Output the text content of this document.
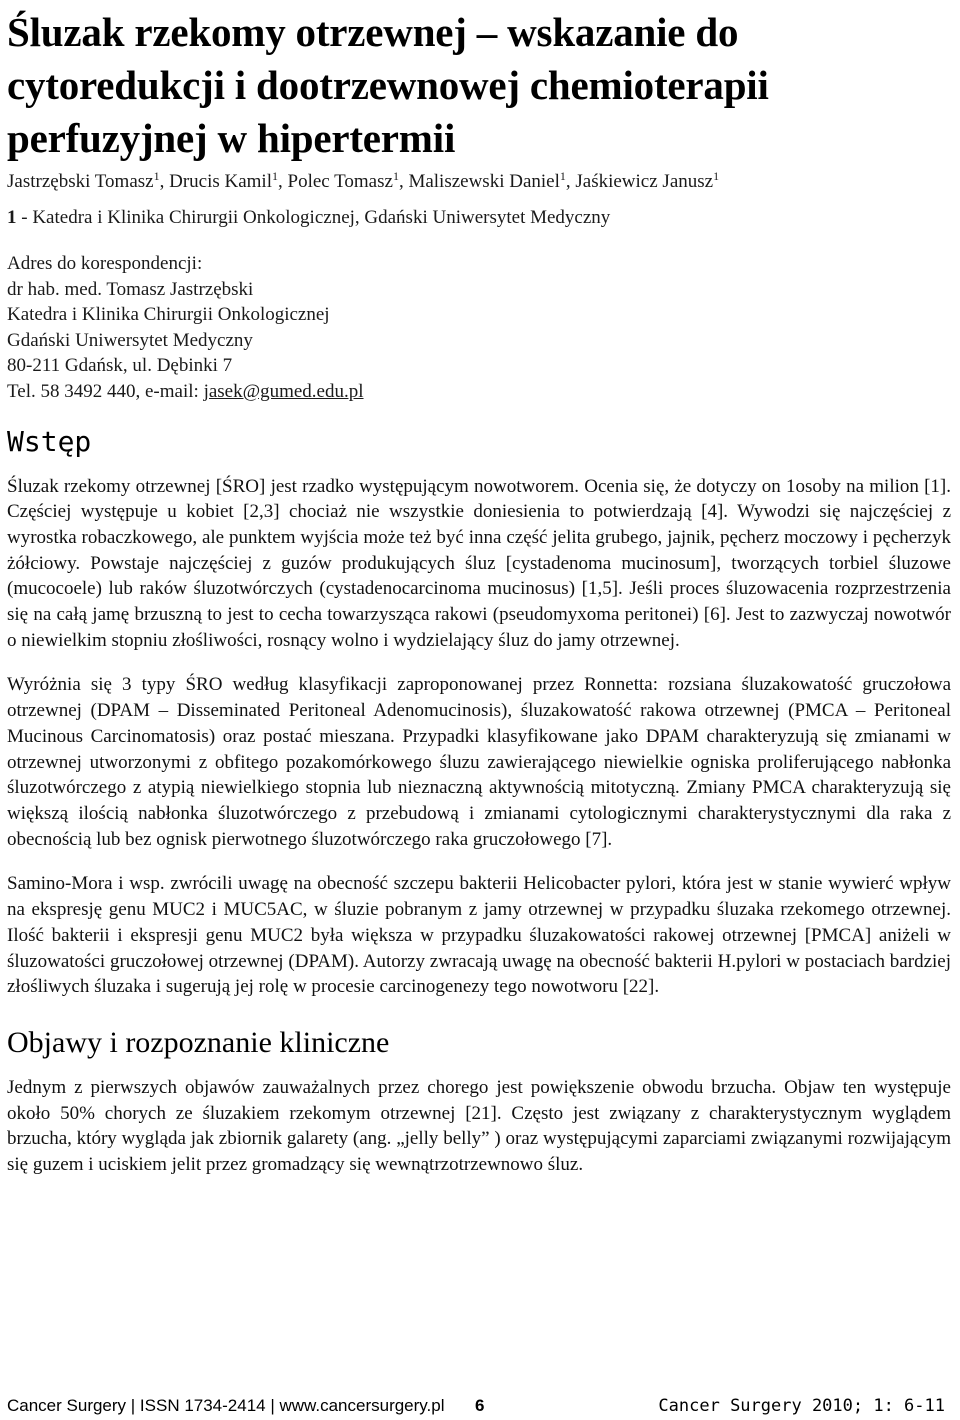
Śluzak rzekomy otrzewnej – wskazanie do cytoredukcji i dootrzewnowej chemioterapii perfuzyjnej w hipertermii
Jastrzębski Tomasz$^1$, Drucis Kamil$^1$, Polec Tomasz$^1$, Maliszewski Daniel$^1$, Jaśkiewicz Janusz$^1$
1 - Katedra i Klinika Chirurgii Onkologicznej, Gdański Uniwersytet Medyczny
Adres do korespondencji:
dr hab. med. Tomasz Jastrzębski
Katedra i Klinika Chirurgii Onkologicznej
Gdański Uniwersytet Medyczny
80-211 Gdańsk, ul. Dębinki 7
Tel. 58 3492 440, e-mail: jasek@gumed.edu.pl
Wstęp

Śluzak rzekomy otrzewnej [ŚRO] jest rzadko występującym nowotworem. Ocenia się, że dotyczy on 1osoby na milion [1]. Częściej występuje u kobiet [2,3] chociaż nie wszystkie doniesienia to potwierdzają [4]. Wywodzi się najczęściej z wyrostka robaczkowego, ale punktem wyjścia może też być inna część jelita grubego, jajnik, pęcherz moczowy i pęcherzyk żółciowy. Powstaje najczęściej z guzów produkujących śluz [cystadenoma mucinosum], tworzących torbiel śluzowe (mucocoele) lub raków śluzotwórczych (cystadenocarcinoma mucinosus) [1,5]. Jeśli proces śluzowacenia rozprzestrzenia się na całą jamę brzuszną to jest to cecha towarzysząca rakowi (pseudomyxoma peritonei) [6]. Jest to zazwyczaj nowotwór o niewielkim stopniu złośliwości, rosnący wolno i wydzielający śluz do jamy otrzewnej.

Wyróżnia się 3 typy ŚRO według klasyfikacji zaproponowanej przez Ronnetta: rozsiana śluzakowatość gruczołowa otrzewnej (DPAM – Disseminated Peritoneal Adenomucinosis), śluzakowatość rakowa otrzewnej (PMCA – Peritoneal Mucinous Carcinomatosis) oraz postać mieszana. Przypadki klasyfikowane jako DPAM charakteryzują się zmianami w otrzewnej utworzonymi z obfitego pozakomórkowego śluzu zawierającego niewielkie ogniska proliferującego nabłonka śluzotwórczego z atypią niewielkiego stopnia lub nieznaczną aktywnością mitotyczną. Zmiany PMCA charakteryzują się większą ilością nabłonka śluzotwórczego z przebudową i zmianami cytologicznymi charakterystycznymi dla raka z obecnością lub bez ognisk pierwotnego śluzotwórczego raka gruczołowego [7].

Samino-Mora i wsp. zwrócili uwagę na obecność szczepu bakterii Helicobacter pylori, która jest w stanie wywierć wpływ na ekspresję genu MUC2 i MUC5AC, w śluzie pobranym z jamy otrzewnej w przypadku śluzaka rzekomego otrzewnej. Ilość bakterii i ekspresji genu MUC2 była większa w przypadku śluzakowatości rakowej otrzewnej [PMCA] aniżeli w śluzowatości gruczołowej otrzewnej (DPAM). Autorzy zwracają uwagę na obecność bakterii H.pylori w postaciach bardziej złośliwych śluzaka i sugerują jej rolę w procesie carcinogenezy tego nowotworu [22].

Objawy i rozpoznanie kliniczne

Jednym z pierwszych objawów zauważalnych przez chorego jest powiększenie obwodu brzucha. Objaw ten występuje około 50% chorych ze śluzakiem rzekomym otrzewnej [21]. Często jest związany z charakterystycznym wyglądem brzucha, który wygląda jak zbiornik galarety (ang. „jelly belly” ) oraz występującymi zaparciami związanymi rozwijającym się guzem i uciskiem jelit przez gromadzący się wewnątrzotrzewnowo śluz.

Cancer Surgery | ISSN 1734-2414 | www.cancersurgery.pl 6	Cancer Surgery 2010; 1: 6-11
